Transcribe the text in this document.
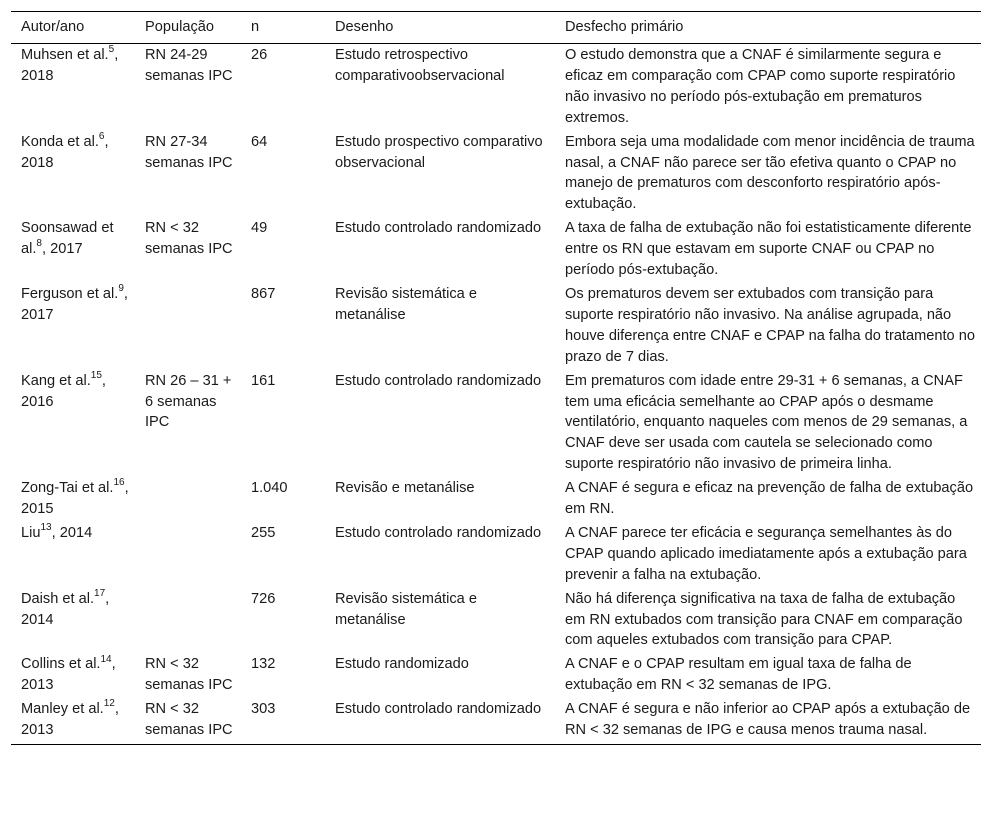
Autor/ano	População	n	Desenho	Desfecho primário
Muhsen et al.$^5$, 2018	RN 24-29 semanas IPC	26	Estudo retrospectivo comparativoobservacional	O estudo demonstra que a CNAF é similarmente segura e eficaz em comparação com CPAP como suporte respiratório não invasivo no período pós-extubação em prematuros extremos.
Konda et al.$^6$, 2018	RN 27-34 semanas IPC	64	Estudo prospectivo comparativo observacional	Embora seja uma modalidade com menor incidência de trauma nasal, a CNAF não parece ser tão efetiva quanto o CPAP no manejo de prematuros com desconforto respiratório após-extubação.
Soonsawad et al.$^8$, 2017	RN < 32 semanas IPC	49	Estudo controlado randomizado	A taxa de falha de extubação não foi estatisticamente diferente entre os RN que estavam em suporte CNAF ou CPAP no período pós-extubação.
Ferguson et al.$^9$, 2017		867	Revisão sistemática e metanálise	Os prematuros devem ser extubados com transição para suporte respiratório não invasivo. Na análise agrupada, não houve diferença entre CNAF e CPAP na falha do tratamento no prazo de 7 dias.
Kang et al.$^{15}$, 2016	RN 26 – 31 + 6 semanas IPC	161	Estudo controlado randomizado	Em prematuros com idade entre 29-31 + 6 semanas, a CNAF tem uma eficácia semelhante ao CPAP após o desmame ventilatório, enquanto naqueles com menos de 29 semanas, a CNAF deve ser usada com cautela se selecionado como suporte respiratório não invasivo de primeira linha.
Zong-Tai et al.$^{16}$, 2015		1.040	Revisão e metanálise	A CNAF é segura e eficaz na prevenção de falha de extubação em RN.
Liu$^{13}$, 2014		255	Estudo controlado randomizado	A CNAF parece ter eficácia e segurança semelhantes às do CPAP quando aplicado imediatamente após a extubação para prevenir a falha na extubação.
Daish et al.$^{17}$, 2014		726	Revisão sistemática e metanálise	Não há diferença significativa na taxa de falha de extubação em RN extubados com transição para CNAF em comparação com aqueles extubados com transição para CPAP.
Collins et al.$^{14}$, 2013	RN < 32 semanas IPC	132	Estudo randomizado	A CNAF e o CPAP resultam em igual taxa de falha de extubação em RN < 32 semanas de IPG.
Manley et al.$^{12}$, 2013	RN < 32 semanas IPC	303	Estudo controlado randomizado	A CNAF é segura e não inferior ao CPAP após a extubação de RN < 32 semanas de IPG e causa menos trauma nasal.
